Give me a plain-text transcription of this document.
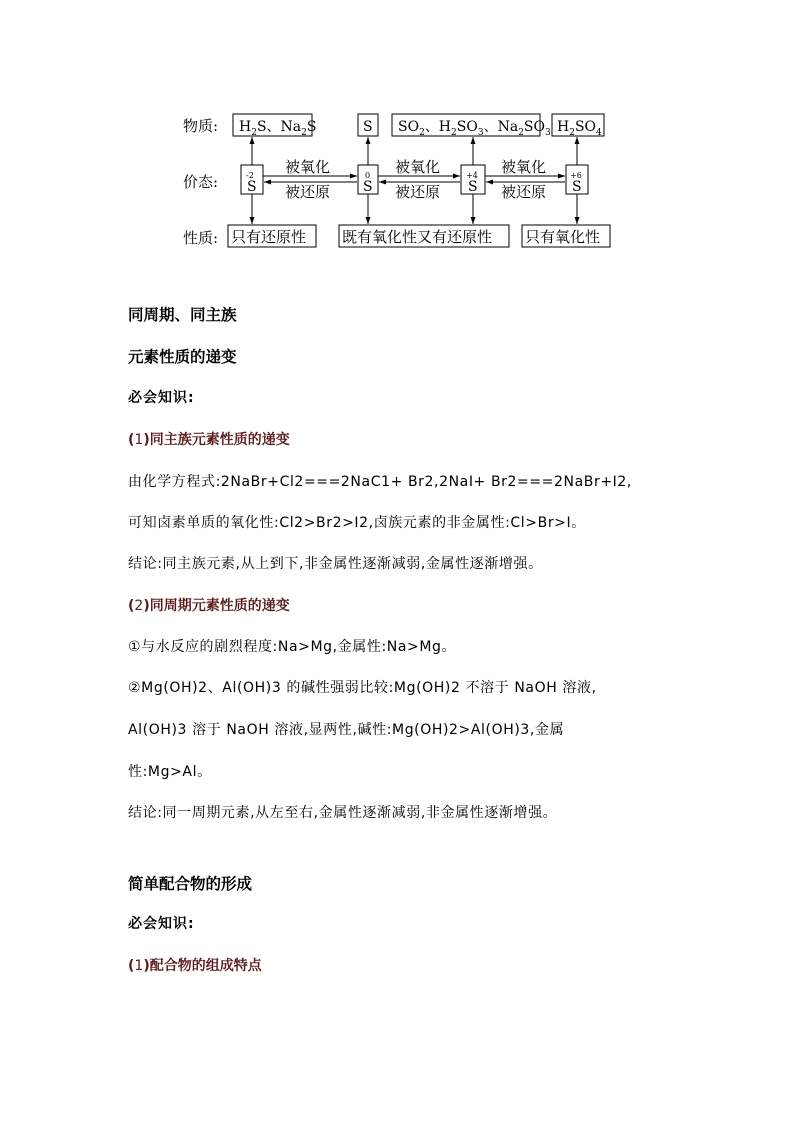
物质:
价态:
性质:
$H_2S$、$Na_2S$	S $SO_2$、$H_2SO_3$、$Na_2SO_3$ $H_2SO_4$
-2
S
0
S
+4
S
+6
S
被氧化
被还原
被氧化
被还原
被氧化
被还原
只有还原性 既有氧化性又有还原性 只有氧化性
同周期、同主族
元素性质的递变
必会知识:
(1)同主族元素性质的递变
由化学方程式:2NaBr+Cl2===2NaC1+ Br2,2NaI+ Br2===2NaBr+I2,
可知卤素单质的氧化性:Cl2>Br2>I2,卤族元素的非金属性:Cl>Br>I。
结论:同主族元素,从上到下,非金属性逐渐减弱,金属性逐渐增强。
(2)同周期元素性质的递变
①与水反应的剧烈程度:Na>Mg,金属性:Na>Mg。
②Mg(OH)2、Al(OH)3 的碱性强弱比较:Mg(OH)2 不溶于 NaOH 溶液,
Al(OH)3 溶于 NaOH 溶液,显两性,碱性:Mg(OH)2>Al(OH)3,金属
性:Mg>Al。
结论:同一周期元素,从左至右,金属性逐渐减弱,非金属性逐渐增强。
简单配合物的形成
必会知识:
(1)配合物的组成特点
